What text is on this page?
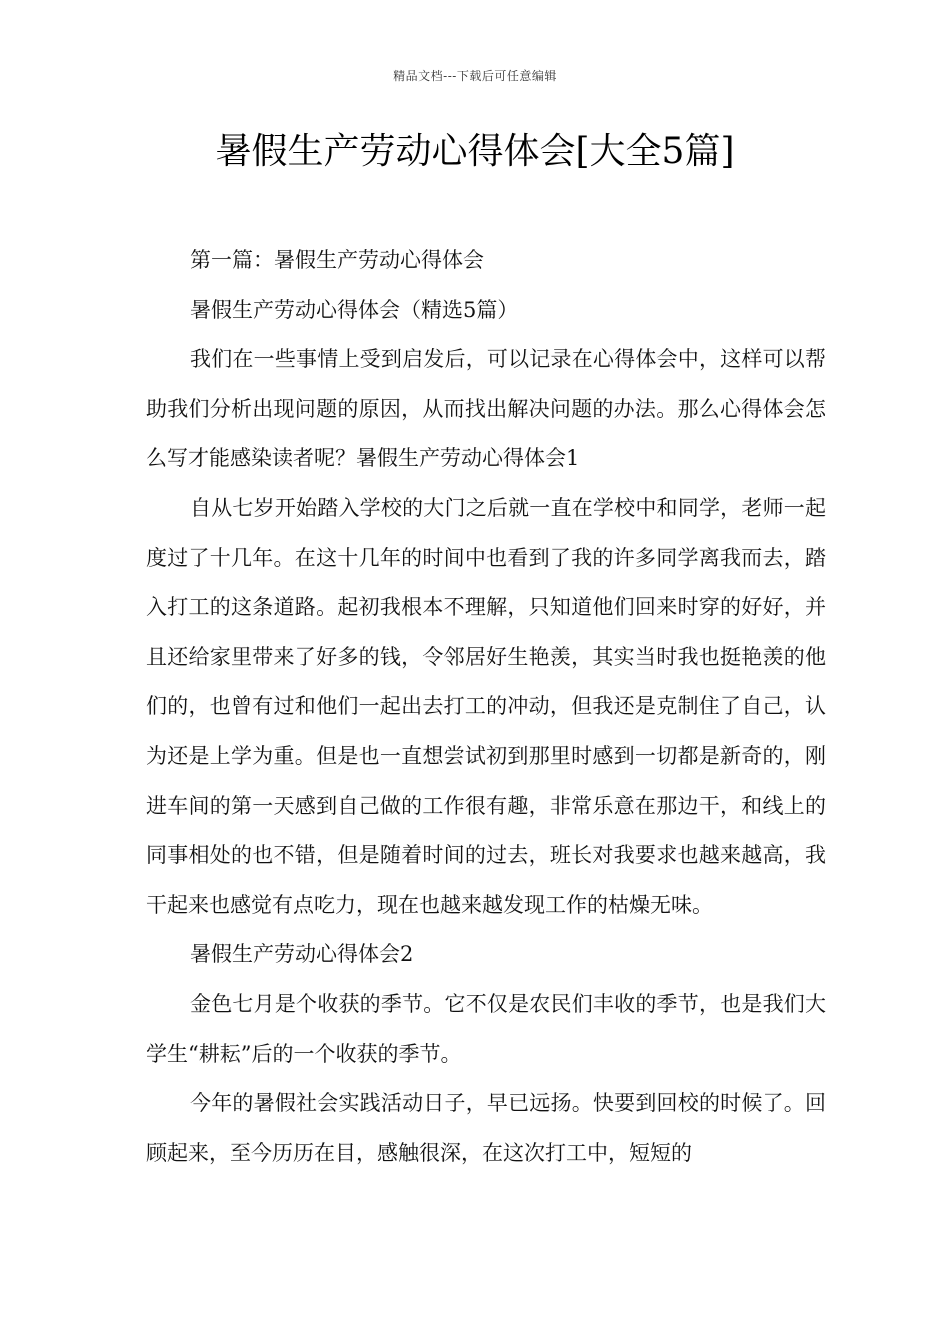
精品文档---下载后可任意编辑
暑假生产劳动心得体会[大全5篇]

第一篇：暑假生产劳动心得体会

暑假生产劳动心得体会（精选5篇）

我们在一些事情上受到启发后，可以记录在心得体会中，这样可以帮助我们分析出现问题的原因，从而找出解决问题的办法。那么心得体会怎么写才能感染读者呢？暑假生产劳动心得体会1

自从七岁开始踏入学校的大门之后就一直在学校中和同学，老师一起度过了十几年。在这十几年的时间中也看到了我的许多同学离我而去，踏入打工的这条道路。起初我根本不理解，只知道他们回来时穿的好好，并且还给家里带来了好多的钱，令邻居好生艳羡，其实当时我也挺艳羡的他们的，也曾有过和他们一起出去打工的冲动，但我还是克制住了自己，认为还是上学为重。但是也一直想尝试初到那里时感到一切都是新奇的，刚进车间的第一天感到自己做的工作很有趣，非常乐意在那边干，和线上的同事相处的也不错，但是随着时间的过去，班长对我要求也越来越高，我干起来也感觉有点吃力，现在也越来越发现工作的枯燥无味。

暑假生产劳动心得体会2

金色七月是个收获的季节。它不仅是农民们丰收的季节，也是我们大学生“耕耘”后的一个收获的季节。

今年的暑假社会实践活动日子，早已远扬。快要到回校的时候了。回顾起来，至今历历在目，感触很深，在这次打工中，短短的
